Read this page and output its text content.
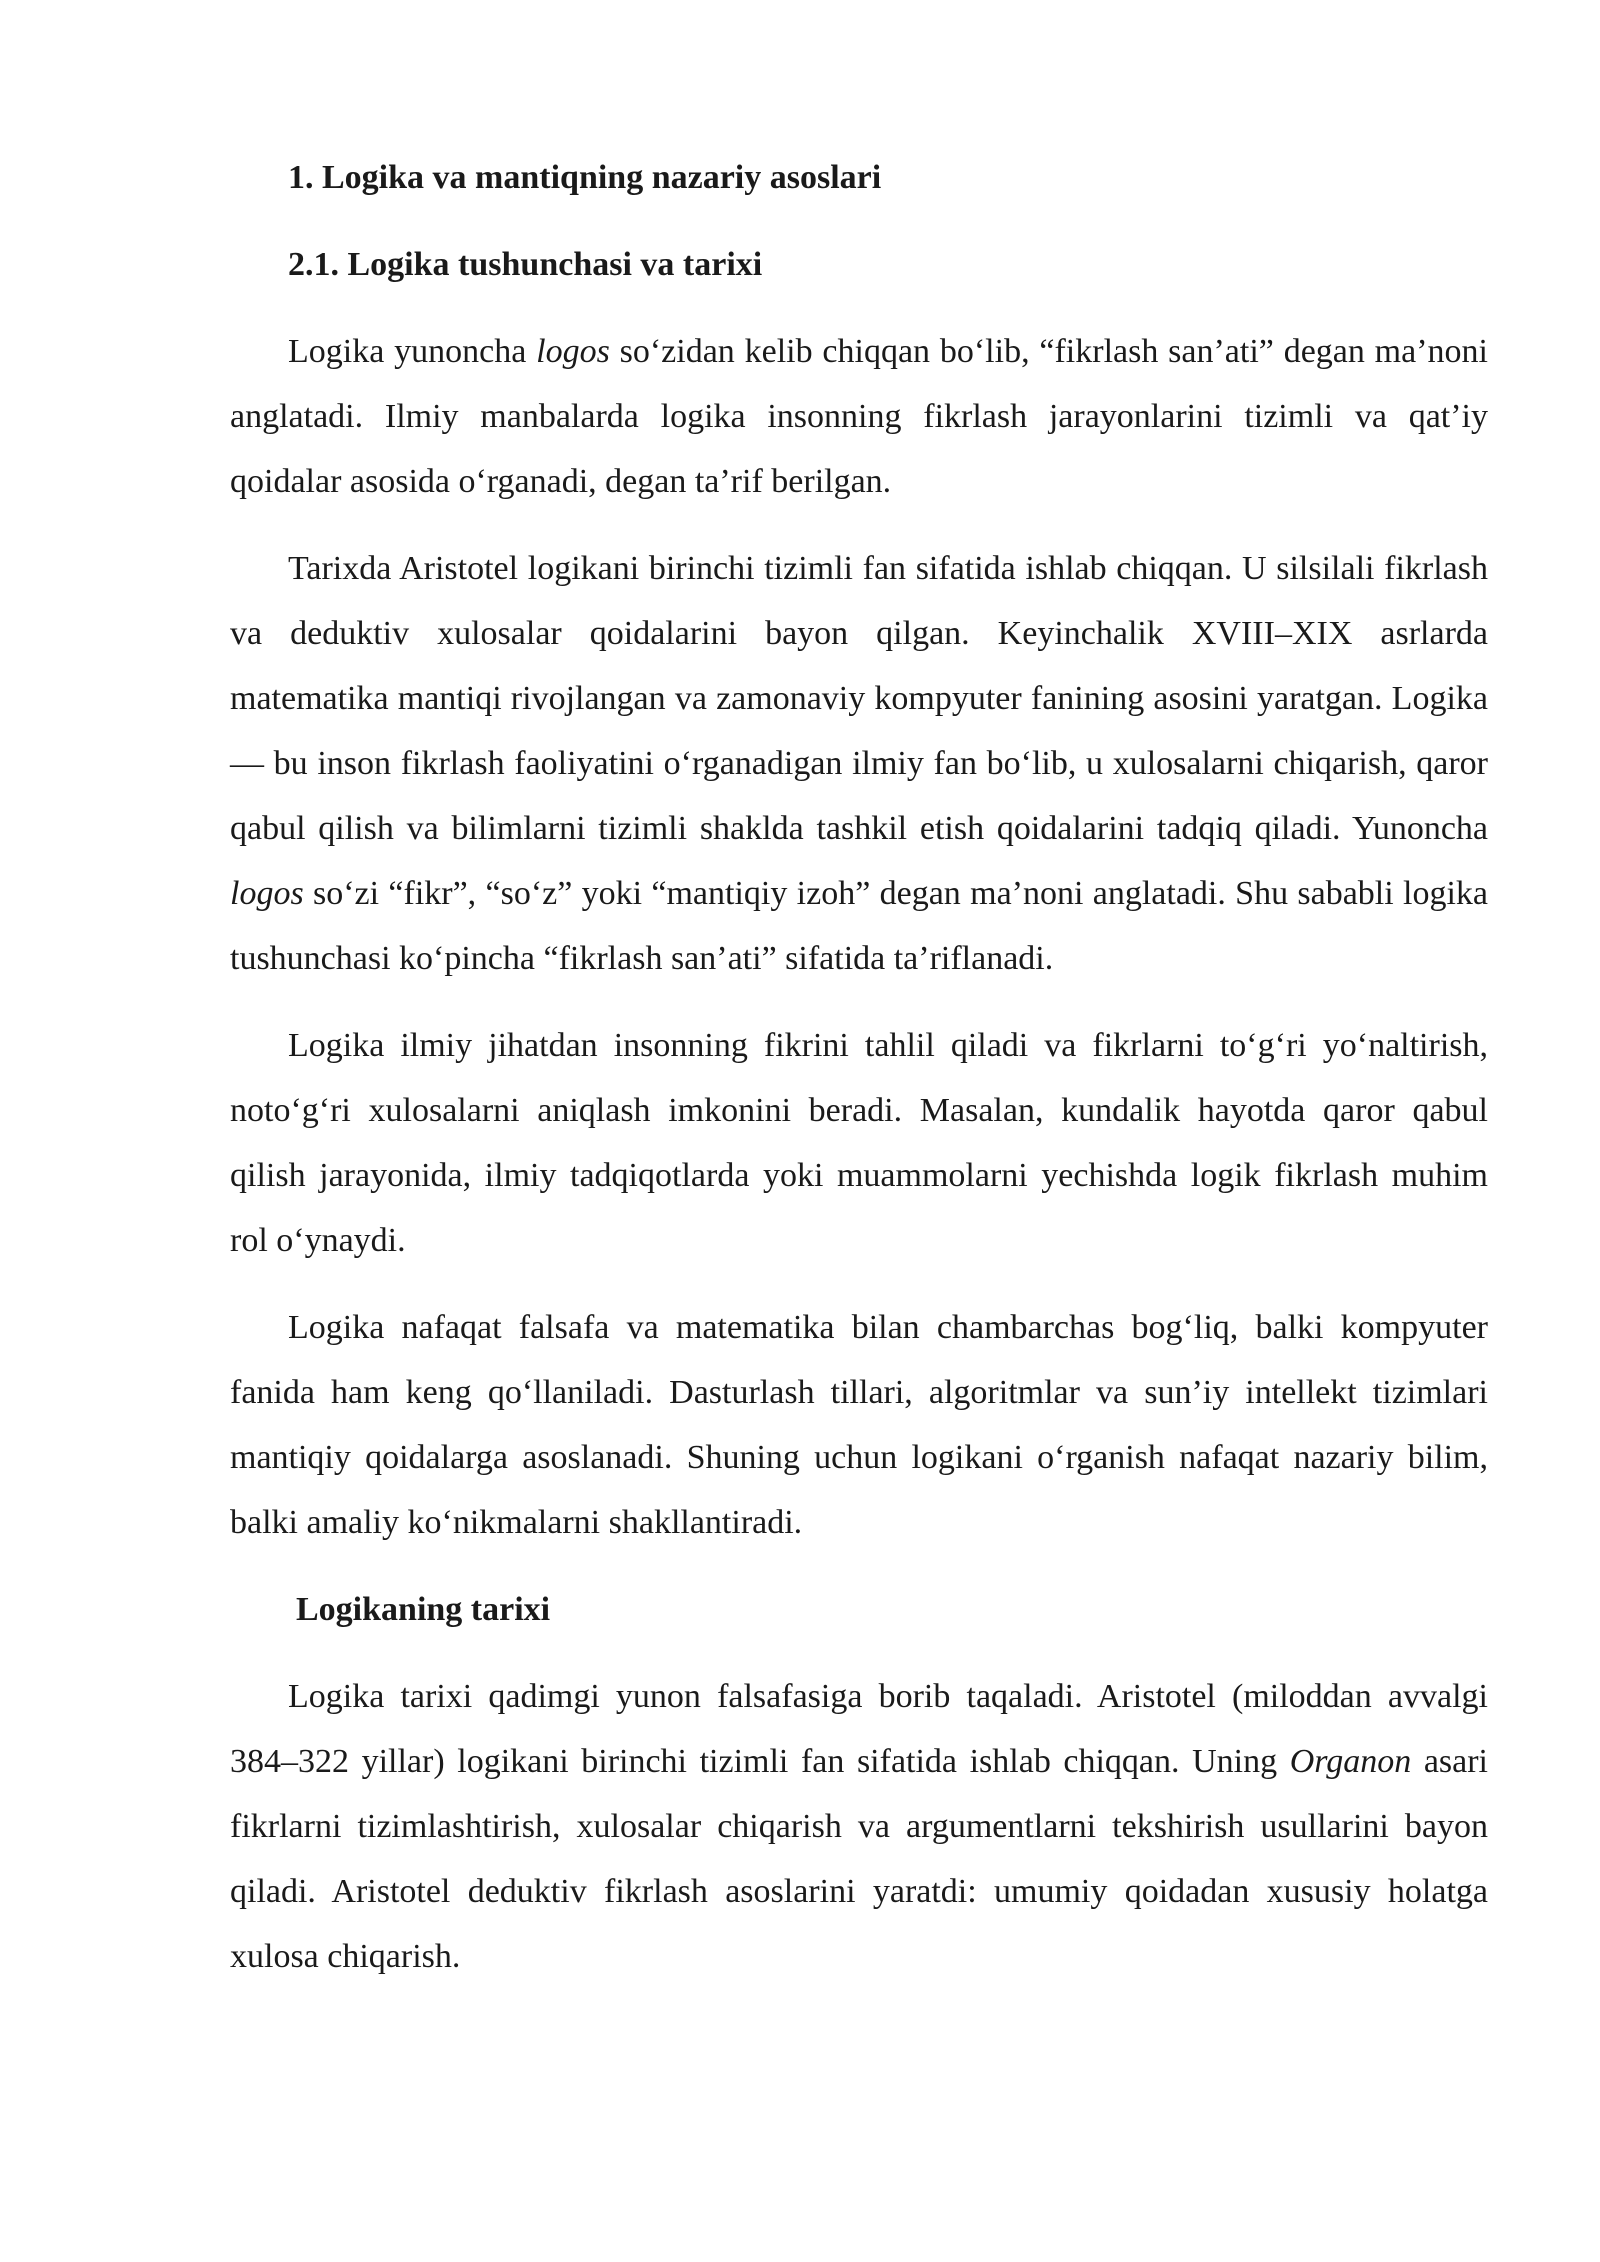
1. Logika va mantiqning nazariy asoslari
2.1. Logika tushunchasi va tarixi

Logika yunoncha logos so‘zidan kelib chiqqan bo‘lib, “fikrlash san’ati” degan ma’noni anglatadi. Ilmiy manbalarda logika insonning fikrlash jarayonlarini tizimli va qat’iy qoidalar asosida o‘rganadi, degan ta’rif berilgan.

Tarixda Aristotel logikani birinchi tizimli fan sifatida ishlab chiqqan. U silsilali fikrlash va deduktiv xulosalar qoidalarini bayon qilgan. Keyinchalik XVIII–XIX asrlarda matematika mantiqi rivojlangan va zamonaviy kompyuter fanining asosini yaratgan. Logika — bu inson fikrlash faoliyatini o‘rganadigan ilmiy fan bo‘lib, u xulosalarni chiqarish, qaror qabul qilish va bilimlarni tizimli shaklda tashkil etish qoidalarini tadqiq qiladi. Yunoncha logos so‘zi “fikr”, “so‘z” yoki “mantiqiy izoh” degan ma’noni anglatadi. Shu sababli logika tushunchasi ko‘pincha “fikrlash san’ati” sifatida ta’riflanadi.

Logika ilmiy jihatdan insonning fikrini tahlil qiladi va fikrlarni to‘g‘ri yo‘naltirish, noto‘g‘ri xulosalarni aniqlash imkonini beradi. Masalan, kundalik hayotda qaror qabul qilish jarayonida, ilmiy tadqiqotlarda yoki muammolarni yechishda logik fikrlash muhim rol o‘ynaydi.

Logika nafaqat falsafa va matematika bilan chambarchas bog‘liq, balki kompyuter fanida ham keng qo‘llaniladi. Dasturlash tillari, algoritmlar va sun’iy intellekt tizimlari mantiqiy qoidalarga asoslanadi. Shuning uchun logikani o‘rganish nafaqat nazariy bilim, balki amaliy ko‘nikmalarni shakllantiradi.

Logikaning tarixi

Logika tarixi qadimgi yunon falsafasiga borib taqaladi. Aristotel (miloddan avvalgi 384–322 yillar) logikani birinchi tizimli fan sifatida ishlab chiqqan. Uning Organon asari fikrlarni tizimlashtirish, xulosalar chiqarish va argumentlarni tekshirish usullarini bayon qiladi. Aristotel deduktiv fikrlash asoslarini yaratdi: umumiy qoidadan xususiy holatga xulosa chiqarish.
